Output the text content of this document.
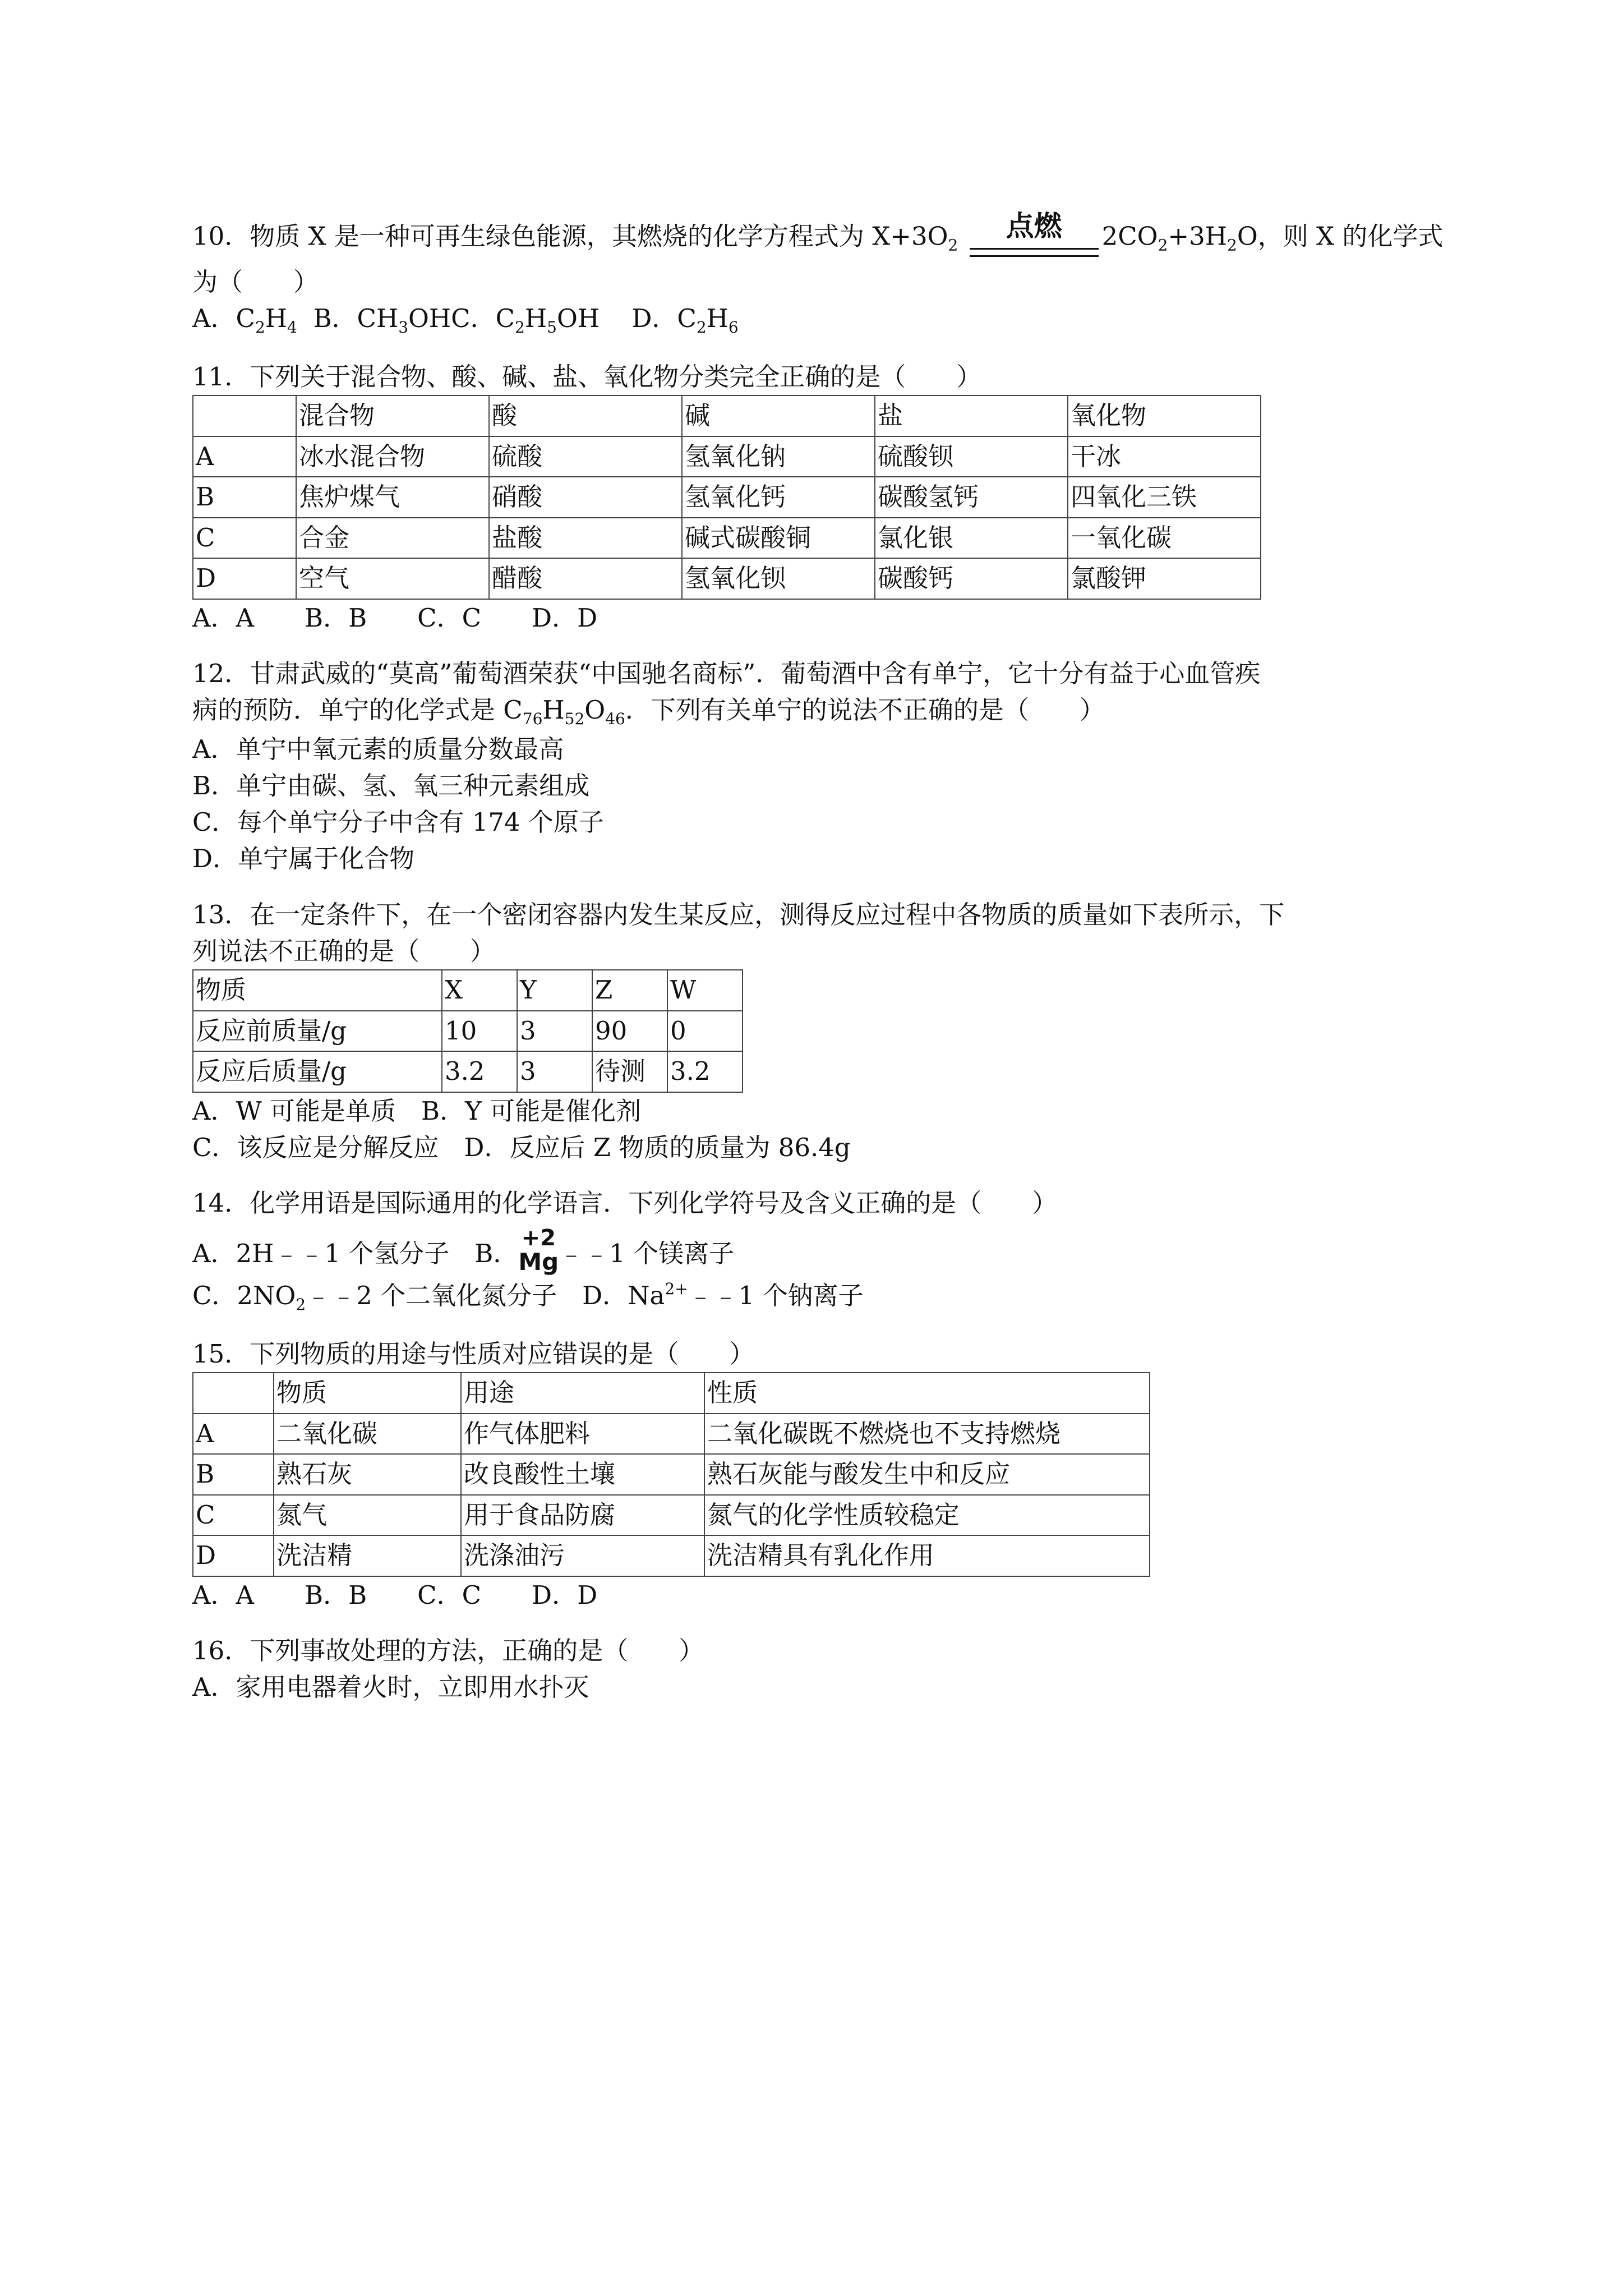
10．物质 X 是一种可再生绿色能源，其燃烧的化学方程式为 $X+3O_2$
点燃	$2CO_2+3H_2O$，则 X 的化学式
为（　　）
A．$C_2H_4$ B．$CH_3OHC$．$C_2H_5OH$ D．$C_2H_6$
11．下列关于混合物、酸、碱、盐、氧化物分类完全正确的是（　　）
	混合物	酸	碱	盐	氧化物
A	冰水混合物	硫酸	氢氧化钠	硫酸钡	干冰
B	焦炉煤气	硝酸	氢氧化钙	碳酸氢钙	四氧化三铁
C	合金	盐酸	碱式碳酸铜	氯化银	一氧化碳
D	空气	醋酸	氢氧化钡	碳酸钙	氯酸钾
A．A　　B．B　　C．C　　D．D
12．甘肃武威的“莫高”葡萄酒荣获“中国驰名商标”．葡萄酒中含有单宁，它十分有益于心血管疾
病的预防．单宁的化学式是 $C_{76}H_{52}O_{46}$．下列有关单宁的说法不正确的是（　　）
A．单宁中氧元素的质量分数最高
B．单宁由碳、氢、氧三种元素组成
C．每个单宁分子中含有 174 个原子
D．单宁属于化合物
13．在一定条件下，在一个密闭容器内发生某反应，测得反应过程中各物质的质量如下表所示，下
列说法不正确的是（　　）
物质	X	Y	Z	W
反应前质量/g	10	3	90	0
反应后质量/g	3.2	3	待测	3.2
A．W 可能是单质　B．Y 可能是催化剂
C．该反应是分解反应　D．反应后 Z 物质的质量为 86.4g
14．化学用语是国际通用的化学语言．下列化学符号及含义正确的是（　　）
A．2H﹣﹣1 个氢分子　B．
+2
Mg﹣﹣1 个镁离子
C．$2NO_2﹣﹣2$ 个二氧化氮分子　D．$Na^{2+}﹣﹣1$ 个钠离子
15．下列物质的用途与性质对应错误的是（　　）
	物质	用途	性质
A	二氧化碳	作气体肥料	二氧化碳既不燃烧也不支持燃烧
B	熟石灰	改良酸性土壤	熟石灰能与酸发生中和反应
C	氮气	用于食品防腐	氮气的化学性质较稳定
D	洗洁精	洗涤油污	洗洁精具有乳化作用
A．A　　B．B　　C．C　　D．D
16．下列事故处理的方法，正确的是（　　）
A．家用电器着火时，立即用水扑灭
